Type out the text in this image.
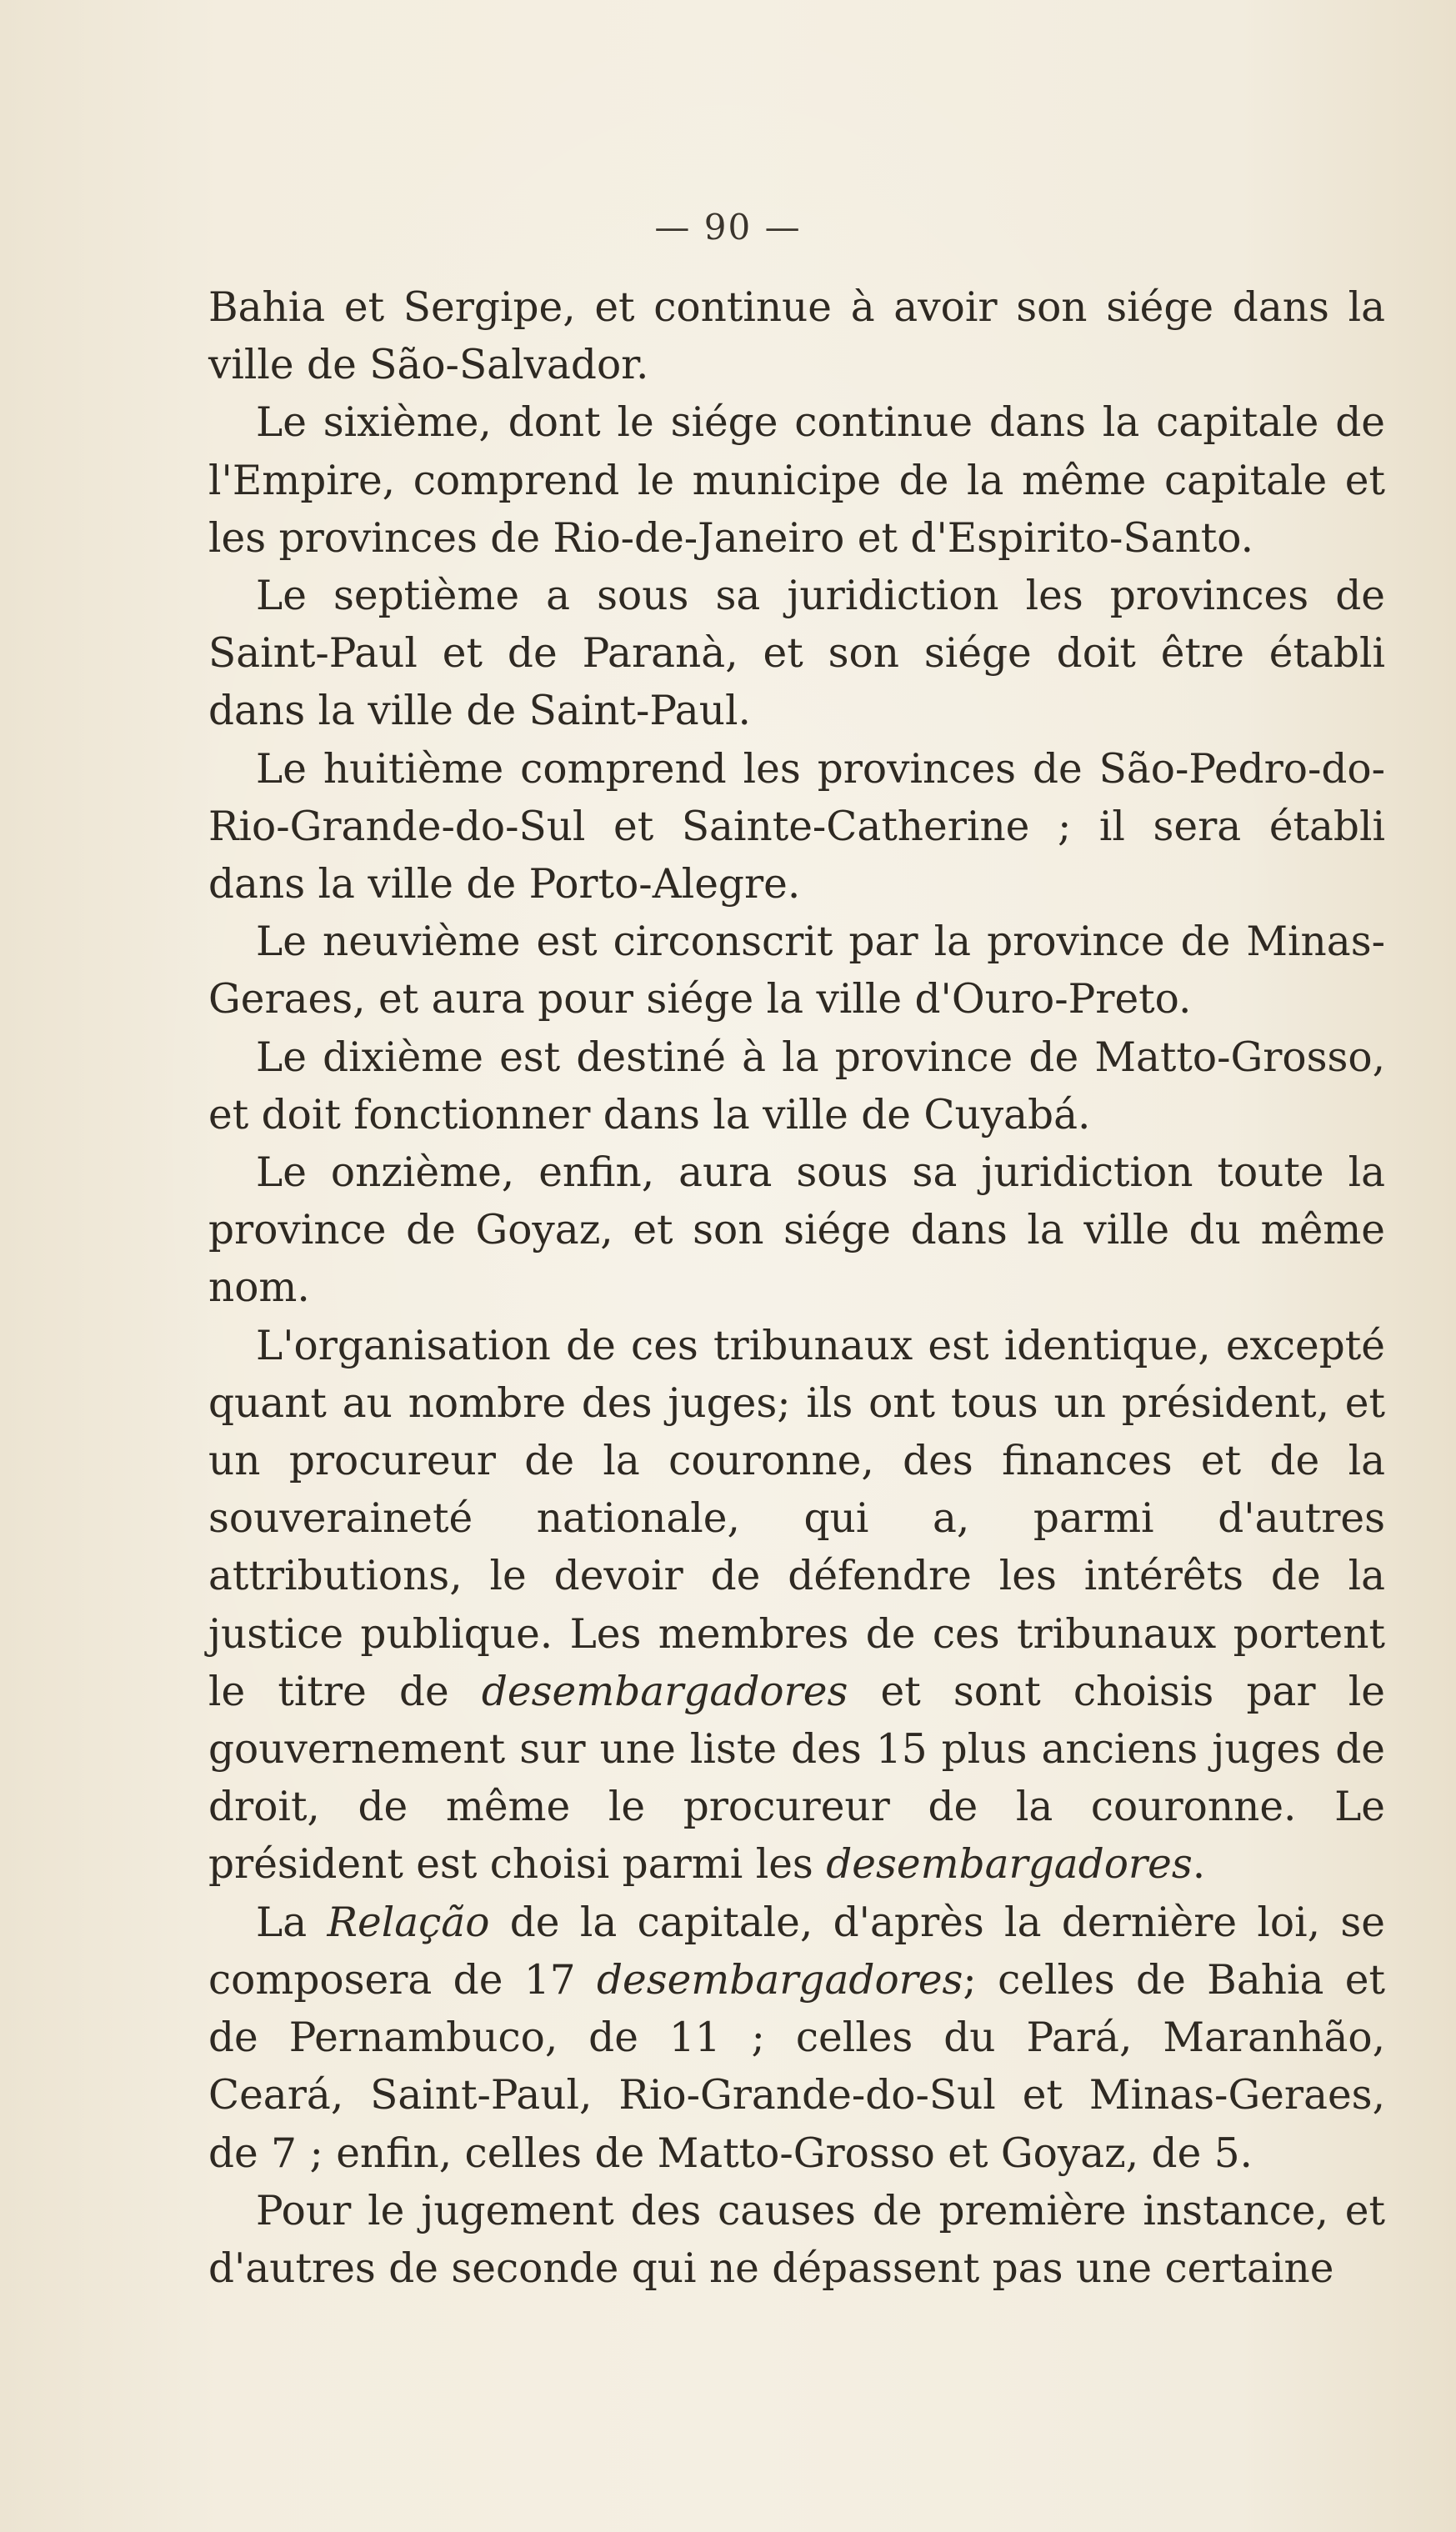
— 90 —

Bahia et Sergipe, et continue à avoir son siége dans la ville de São-Salvador.

Le sixième, dont le siége continue dans la capitale de l'Empire, comprend le municipe de la même capitale et les provinces de Rio-de-Janeiro et d'Espirito-Santo.

Le septième a sous sa juridiction les provinces de Saint-Paul et de Paranà, et son siége doit être établi dans la ville de Saint-Paul.

Le huitième comprend les provinces de São-Pedro-do-Rio-Grande-do-Sul et Sainte-Catherine ; il sera établi dans la ville de Porto-Alegre.

Le neuvième est circonscrit par la province de Minas-Geraes, et aura pour siége la ville d'Ouro-Preto.

Le dixième est destiné à la province de Matto-Grosso, et doit fonctionner dans la ville de Cuyabá.

Le onzième, enfin, aura sous sa juridiction toute la province de Goyaz, et son siége dans la ville du même nom.

L'organisation de ces tribunaux est identique, excepté quant au nombre des juges; ils ont tous un président, et un procureur de la couronne, des finances et de la souveraineté nationale, qui a, parmi d'autres attributions, le devoir de défendre les intérêts de la justice publique. Les membres de ces tribunaux portent le titre de desembargadores et sont choisis par le gouvernement sur une liste des 15 plus anciens juges de droit, de même le procureur de la couronne. Le président est choisi parmi les desembargadores.

La Relação de la capitale, d'après la dernière loi, se composera de 17 desembargadores; celles de Bahia et de Pernambuco, de 11 ; celles du Pará, Maranhão, Ceará, Saint-Paul, Rio-Grande-do-Sul et Minas-Geraes, de 7 ; enfin, celles de Matto-Grosso et Goyaz, de 5.

Pour le jugement des causes de première instance, et d'autres de seconde qui ne dépassent pas une certaine
